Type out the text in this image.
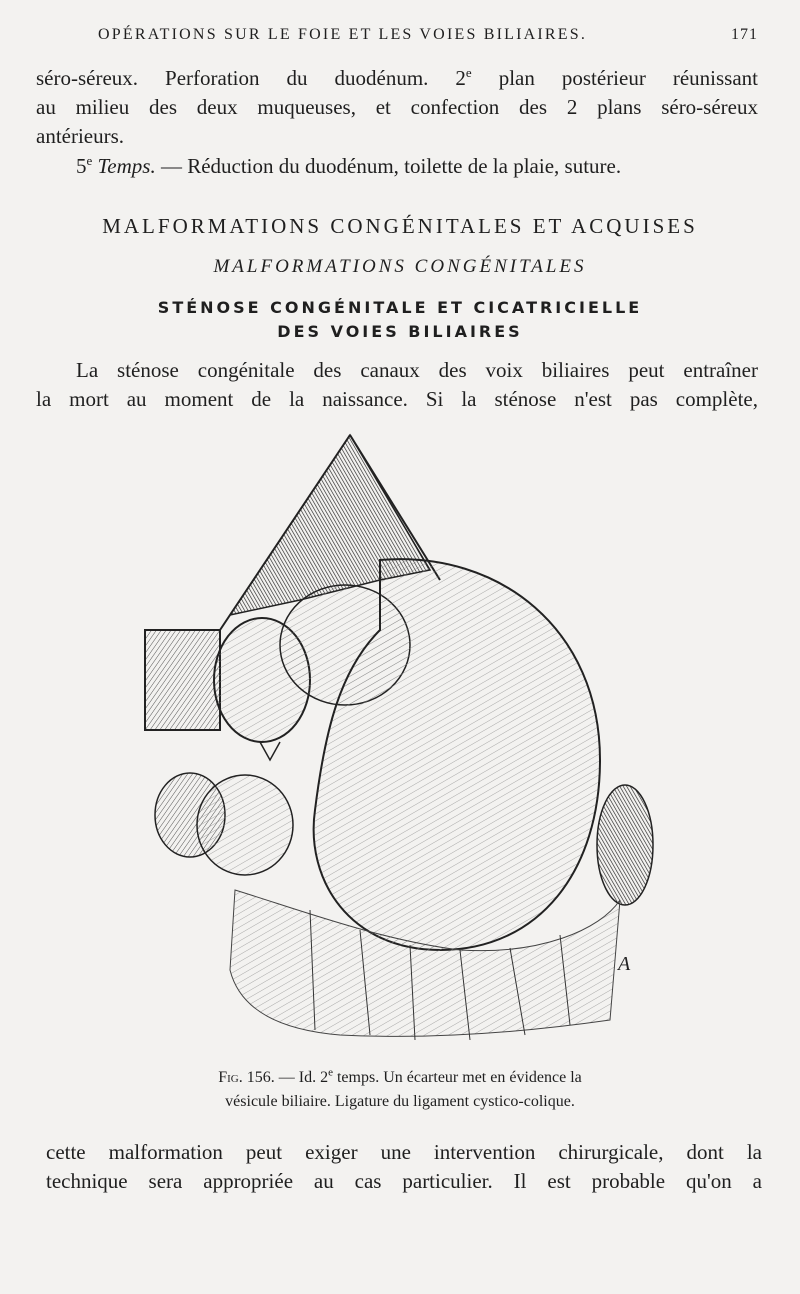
OPÉRATIONS SUR LE FOIE ET LES VOIES BILIAIRES.	171
séro-séreux. Perforation du duodénum. 2e plan postérieur réunissant
au milieu des deux muqueuses, et confection des 2 plans séro-séreux
antérieurs.
5e Temps. — Réduction du duodénum, toilette de la plaie, suture.
MALFORMATIONS CONGÉNITALES ET ACQUISES
MALFORMATIONS CONGÉNITALES
STÉNOSE CONGÉNITALE ET CICATRICIELLE
DES VOIES BILIAIRES
La sténose congénitale des canaux des voix biliaires peut entraîner
la mort au moment de la naissance. Si la sténose n'est pas complète,
A
Fig. 156. — Id. 2e temps. Un écarteur met en évidence la
vésicule biliaire. Ligature du ligament cystico-colique.
cette malformation peut exiger une intervention chirurgicale, dont la
technique sera appropriée au cas particulier. Il est probable qu'on a
